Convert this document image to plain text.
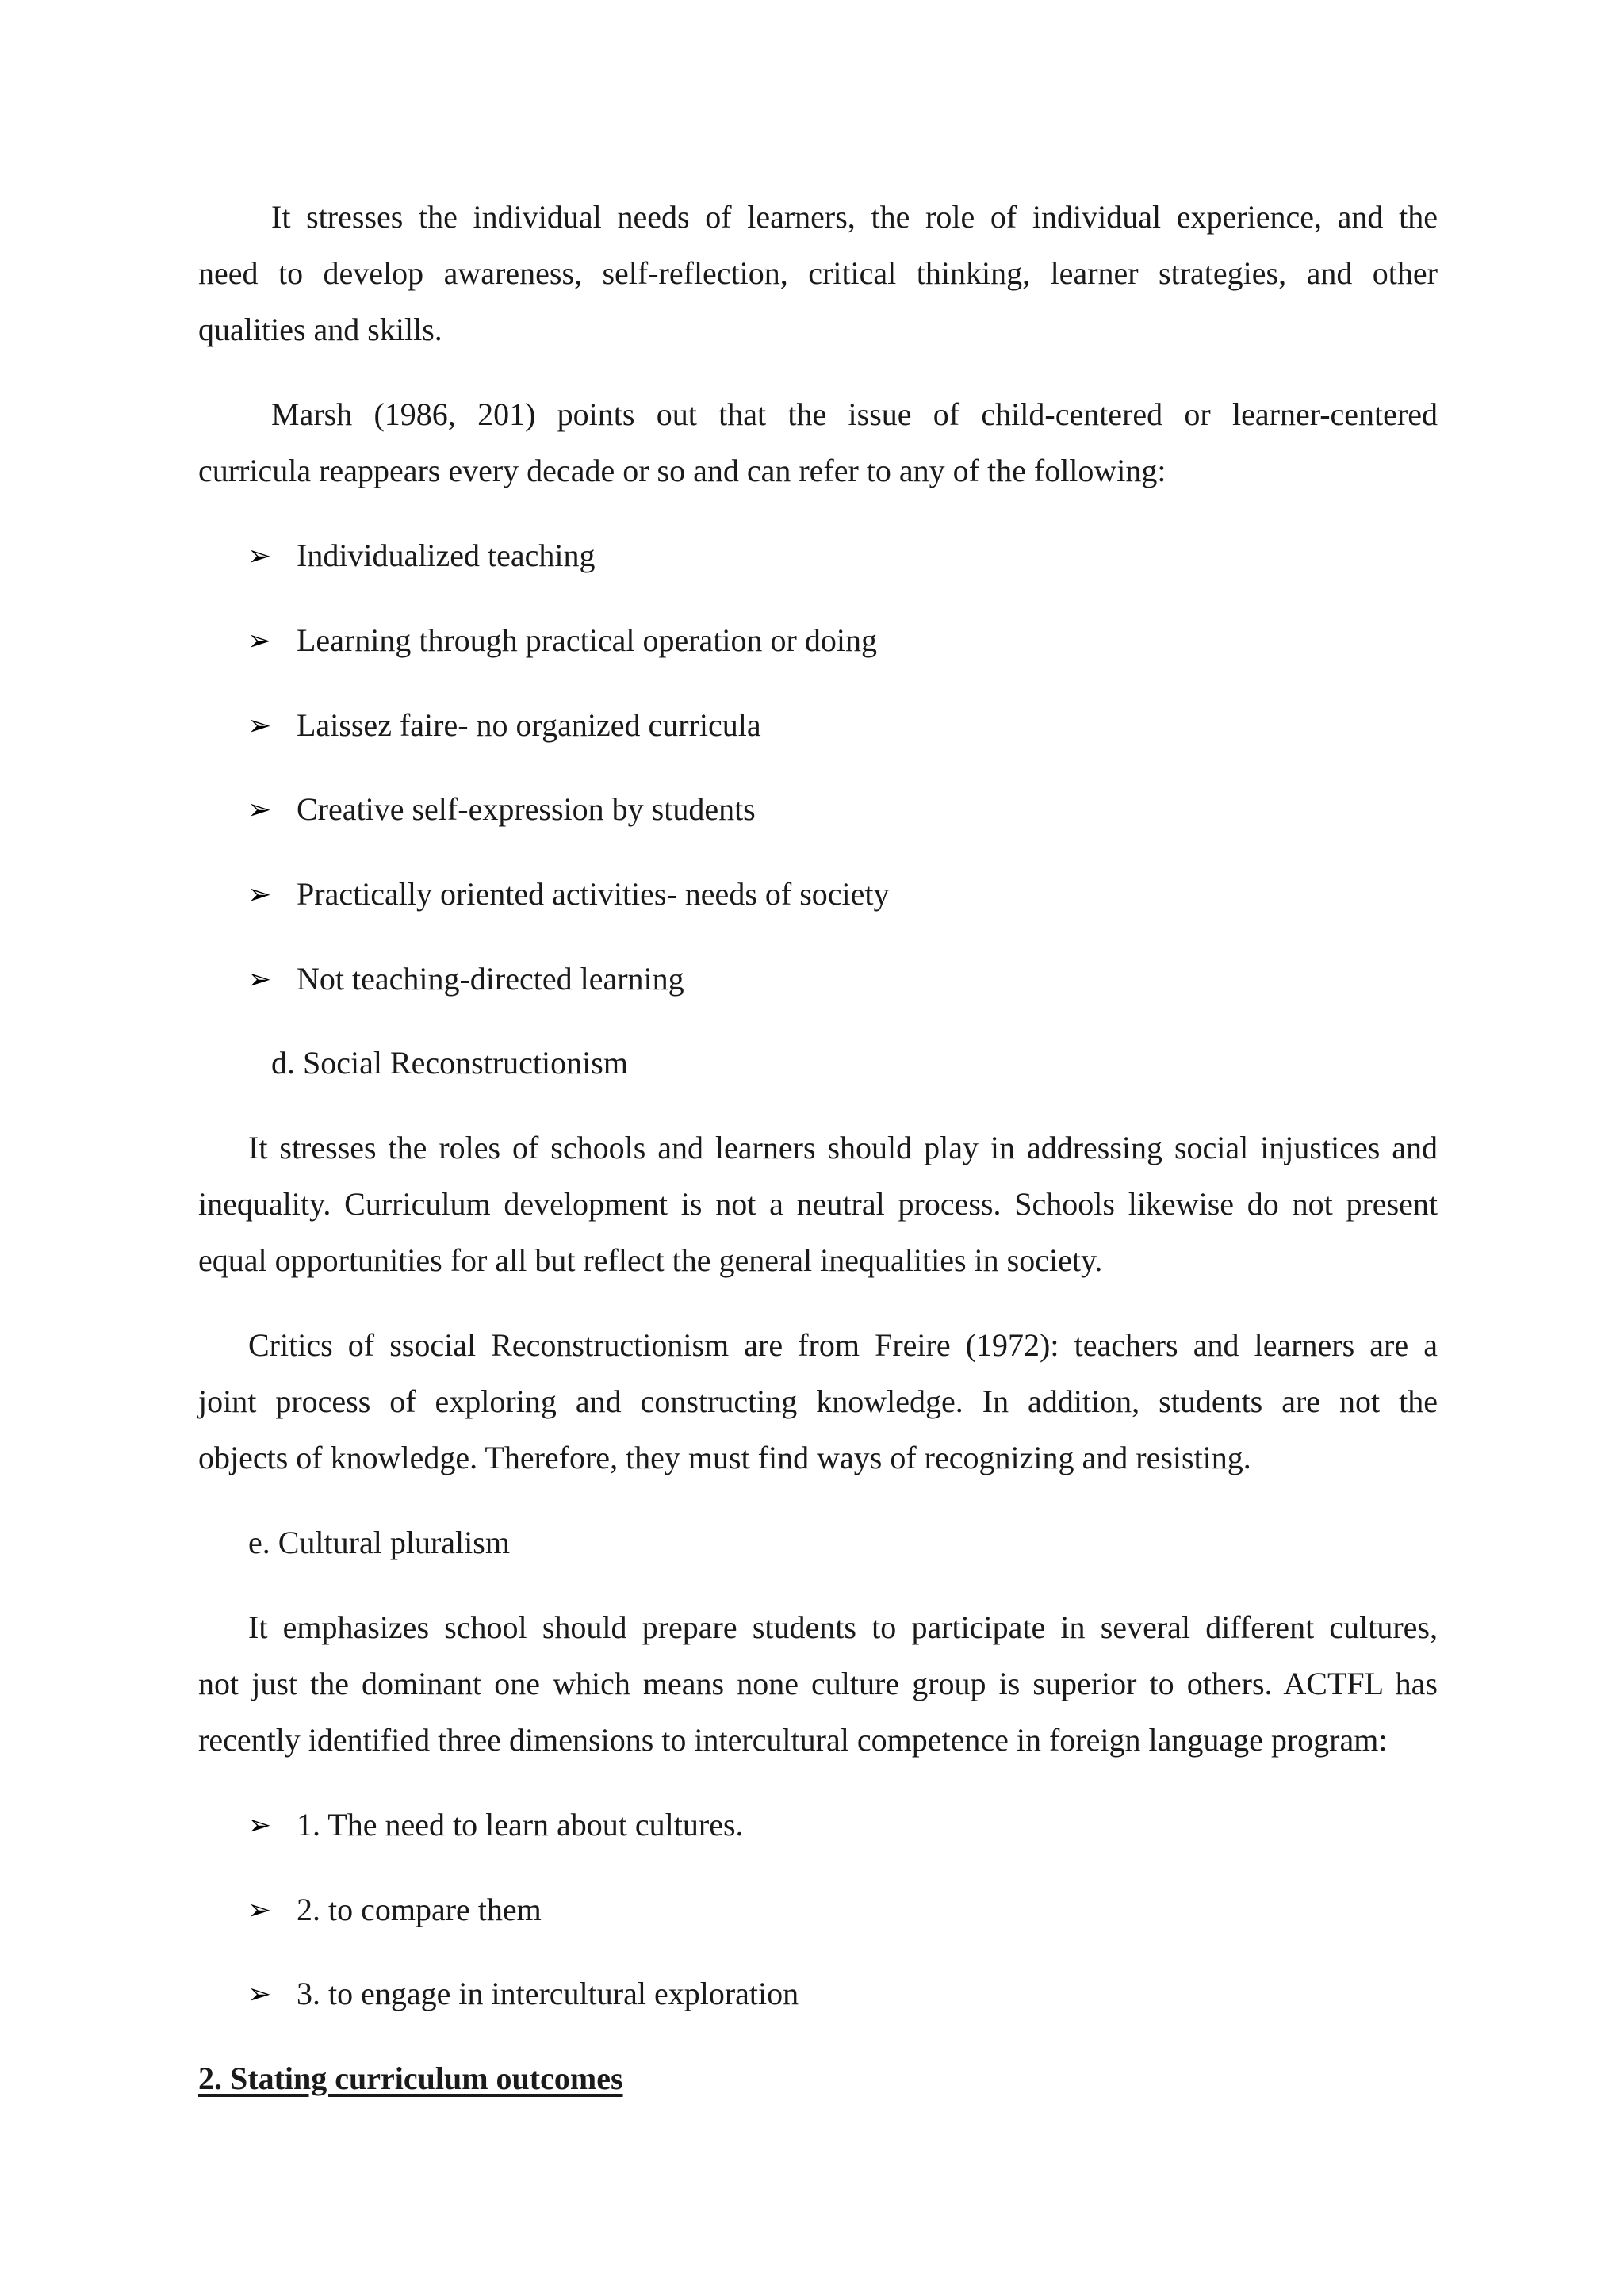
It stresses the individual needs of learners, the role of individual experience, and the
need to develop awareness, self-reflection, critical thinking, learner strategies, and other
qualities and skills.
Marsh (1986, 201) points out that the issue of child-centered or learner-centered
curricula reappears every decade or so and can refer to any of the following:
➢ Individualized teaching
➢ Learning through practical operation or doing
➢ Laissez faire- no organized curricula
➢ Creative self-expression by students
➢ Practically oriented activities- needs of society
➢ Not teaching-directed learning
d. Social Reconstructionism
It stresses the roles of schools and learners should play in addressing social injustices and
inequality. Curriculum development is not a neutral process. Schools likewise do not present
equal opportunities for all but reflect the general inequalities in society.
Critics of ssocial Reconstructionism are from Freire (1972): teachers and learners are a
joint process of exploring and constructing knowledge. In addition, students are not the
objects of knowledge. Therefore, they must find ways of recognizing and resisting.
e. Cultural pluralism
It emphasizes school should prepare students to participate in several different cultures,
not just the dominant one which means none culture group is superior to others. ACTFL has
recently identified three dimensions to intercultural competence in foreign language program:
➢ 1. The need to learn about cultures.
➢ 2. to compare them
➢ 3. to engage in intercultural exploration
2. Stating curriculum outcomes
